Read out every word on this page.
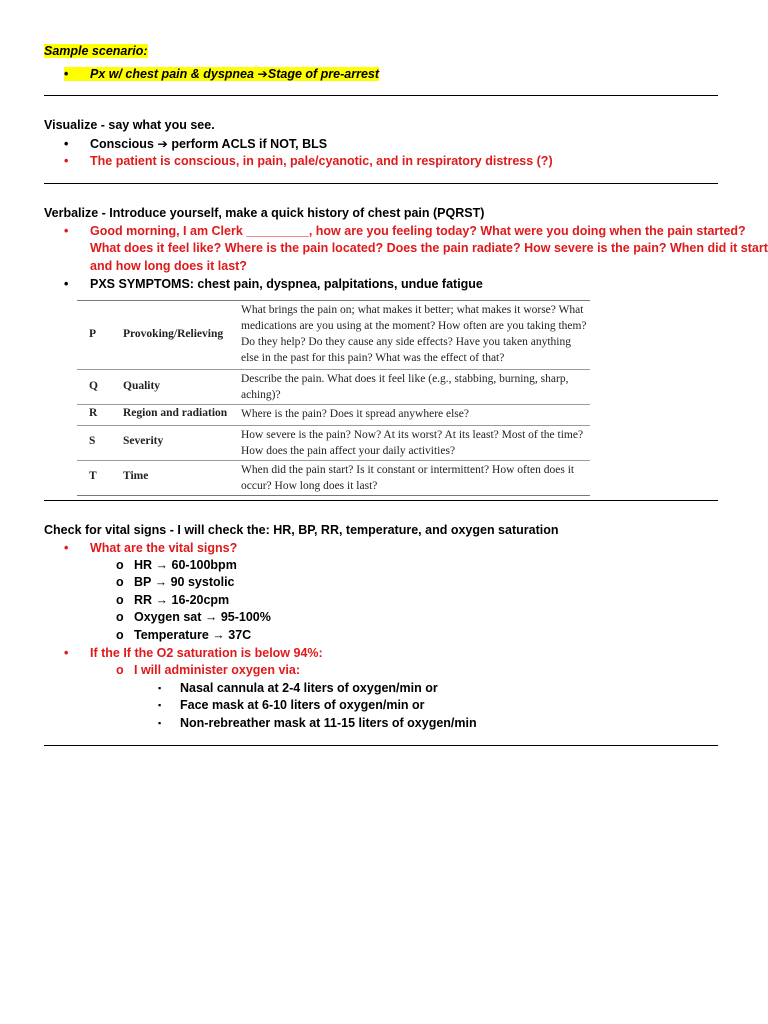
Sample scenario:
• Px w/ chest pain & dyspnea ➔Stage of pre-arrest
Visualize - say what you see.
• Conscious ➔ perform ACLS if NOT, BLS
• The patient is conscious, in pain, pale/cyanotic, and in respiratory distress (?)
Verbalize - Introduce yourself, make a quick history of chest pain (PQRST)
• Good morning, I am Clerk _________, how are you feeling today? What were you doing when the pain started?
What does it feel like? Where is the pain located? Does the pain radiate? How severe is the pain? When did it start
and how long does it last?
• PXS SYMPTOMS: chest pain, dyspnea, palpitations, undue fatigue
P Provoking/Relieving
What brings the pain on; what makes it better; what makes it worse? What
medications are you using at the moment? How often are you taking them?
Do they help? Do they cause any side effects? Have you taken anything
else in the past for this pain? What was the effect of that?
Q Quality
Describe the pain. What does it feel like (e.g., stabbing, burning, sharp,
aching)?
R Region and radiation Where is the pain? Does it spread anywhere else?
S Severity	How severe is the pain? Now? At its worst? At its least? Most of the time?
How does the pain affect your daily activities?
T Time	When did the pain start? Is it constant or intermittent? How often does it
occur? How long does it last?
Check for vital signs - I will check the: HR, BP, RR, temperature, and oxygen saturation
• What are the vital signs?
o HR → 60-100bpm
o BP → 90 systolic
o RR → 16-20cpm
o Oxygen sat → 95-100%
o Temperature → 37C
• If the If the O2 saturation is below 94%:
o I will administer oxygen via:
▪ Nasal cannula at 2-4 liters of oxygen/min or
▪ Face mask at 6-10 liters of oxygen/min or
▪ Non-rebreather mask at 11-15 liters of oxygen/min
